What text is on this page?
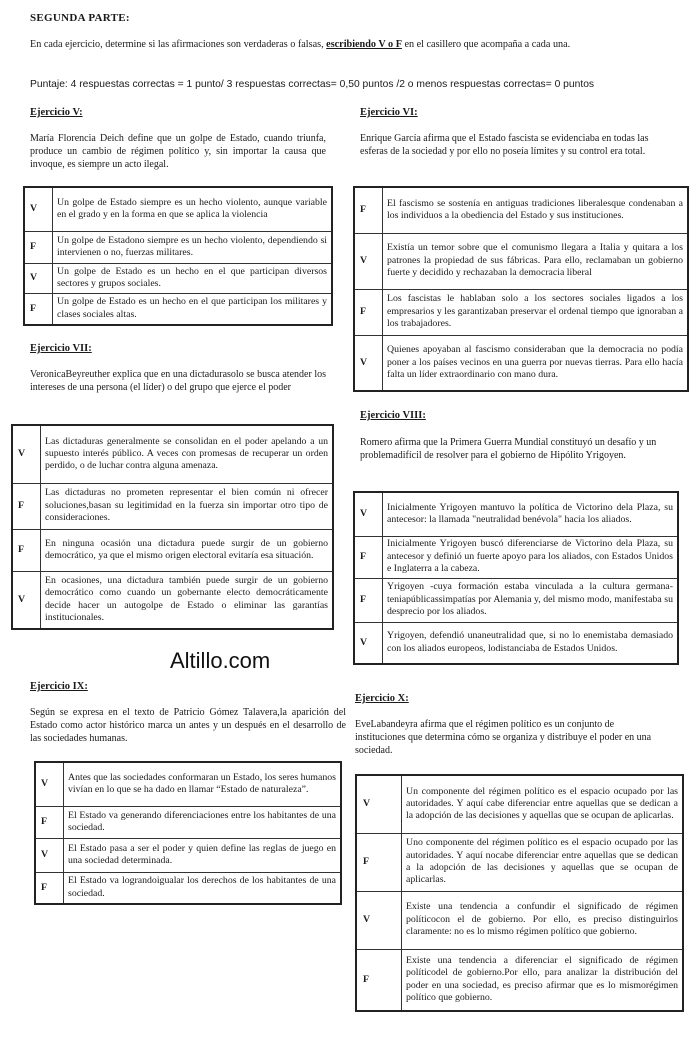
SEGUNDA PARTE:
En cada ejercicio, determine si las afirmaciones son verdaderas o falsas, escribiendo V o F en el casillero que acompaña a cada una.
Puntaje: 4 respuestas correctas = 1 punto/ 3 respuestas correctas= 0,50 puntos /2 o menos respuestas correctas= 0 puntos
Ejercicio V:
María Florencia Deich define que un golpe de Estado, cuando triunfa, produce un cambio de régimen político y, sin importar la causa que invoque, es siempre un acto ilegal.
V	Un golpe de Estado siempre es un hecho violento, aunque variable en el grado y en la forma en que se aplica la violencia
F	Un golpe de Estadono siempre es un hecho violento, dependiendo si intervienen o no, fuerzas militares.
V	Un golpe de Estado es un hecho en el que participan diversos sectores y grupos sociales.
F	Un golpe de Estado es un hecho en el que participan los militares y clases sociales altas.
Ejercicio VI:
Enrique García afirma que el Estado fascista se evidenciaba en todas las esferas de la sociedad y por ello no poseía límites y su control era total.
F	El fascismo se sostenía en antiguas tradiciones liberalesque condenaban a los individuos a la obediencia del Estado y sus instituciones.
V	Existía un temor sobre que el comunismo llegara a Italia y quitara a los patrones la propiedad de sus fábricas. Para ello, reclamaban un gobierno fuerte y decidido y rechazaban la democracia liberal
F	Los fascistas le hablaban solo a los sectores sociales ligados a los empresarios y les garantizaban preservar el ordenal tiempo que ignoraban a los trabajadores.
V	Quienes apoyaban al fascismo consideraban que la democracia no podía poner a los países vecinos en una guerra por nuevas tierras. Para ello hacía falta un líder extraordinario con mano dura.
Ejercicio VII:
VeronicaBeyreuther explica que en una dictadurasolo se busca atender los intereses de una persona (el líder) o del grupo que ejerce el poder
V	Las dictaduras generalmente se consolidan en el poder apelando a un supuesto interés público. A veces con promesas de recuperar un orden perdido, o de luchar contra alguna amenaza.
F	Las dictaduras no prometen representar el bien común ni ofrecer soluciones,basan su legitimidad en la fuerza sin importar otro tipo de consideraciones.
F	En ninguna ocasión una dictadura puede surgir de un gobierno democrático, ya que el mismo origen electoral evitaría esa situación.
V	En ocasiones, una dictadura también puede surgir de un gobierno democrático como cuando un gobernante electo democráticamente decide hacer un autogolpe de Estado o eliminar las garantías institucionales.
Ejercicio VIII:
Romero afirma que la Primera Guerra Mundial constituyó un desafío y un problemadifícil de resolver para el gobierno de Hipólito Yrigoyen.
V	Inicialmente Yrigoyen mantuvo la política de Victorino dela Plaza, su antecesor: la llamada "neutralidad benévola" hacia los aliados.
F	Inicialmente Yrigoyen buscó diferenciarse de Victorino dela Plaza, su antecesor y definió un fuerte apoyo para los aliados, con Estados Unidos e Inglaterra a la cabeza.
F	Yrigoyen -cuya formación estaba vinculada a la cultura germana-teniapúblicassimpatías por Alemania y, del mismo modo, manifestaba su desprecio por los aliados.
V	Yrigoyen, defendió unaneutralidad que, si no lo enemistaba demasiado con los aliados europeos, lodistanciaba de Estados Unidos.
Altillo.com
Ejercicio IX:
Según se expresa en el texto de Patricio Gómez Talavera,la aparición del Estado como actor histórico marca un antes y un después en el desarrollo de las sociedades humanas.
V	Antes que las sociedades conformaran un Estado, los seres humanos vivían en lo que se ha dado en llamar “Estado de naturaleza”.
F	El Estado va generando diferenciaciones entre los habitantes de una sociedad.
V	El Estado pasa a ser el poder y quien define las reglas de juego en una sociedad determinada.
F	El Estado va lograndoigualar los derechos de los habitantes de una sociedad.
Ejercicio X:
EveLabandeyra afirma que el régimen político es un conjunto de instituciones que determina cómo se organiza y distribuye el poder en una sociedad.
V	Un componente del régimen político es el espacio ocupado por las autoridades. Y aquí cabe diferenciar entre aquellas que se dedican a la adopción de las decisiones y aquellas que se ocupan de aplicarlas.
F	Uno componente del régimen político es el espacio ocupado por las autoridades. Y aquí nocabe diferenciar entre aquellas que se dedican a la adopción de las decisiones y aquellas que se ocupan de aplicarlas.
V	Existe una tendencia a confundir el significado de régimen políticocon el de gobierno. Por ello, es preciso distinguirlos claramente: no es lo mismo régimen político que gobierno.
F	Existe una tendencia a diferenciar el significado de régimen políticodel de gobierno.Por ello, para analizar la distribución del poder en una sociedad, es preciso afirmar que es lo mismorégimen político que gobierno.
